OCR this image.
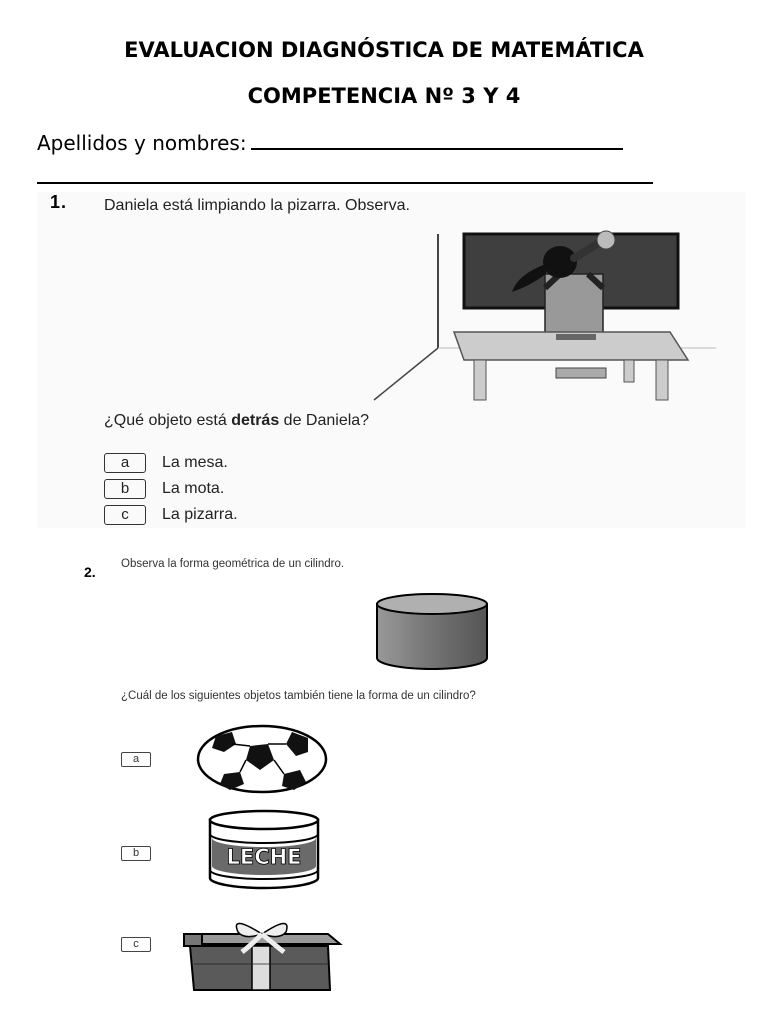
EVALUACION DIAGNÓSTICA DE MATEMÁTICA
COMPETENCIA Nº 3 Y 4
Apellidos y nombres:
1. Daniela está limpiando la pizarra. Observa.
¿Qué objeto está detrás de Daniela?
a La mesa.
b La mota.
c La pizarra.
2. Observa la forma geométrica de un cilindro.
¿Cuál de los siguientes objetos también tiene la forma de un cilindro?
a
b	LECHE
c
